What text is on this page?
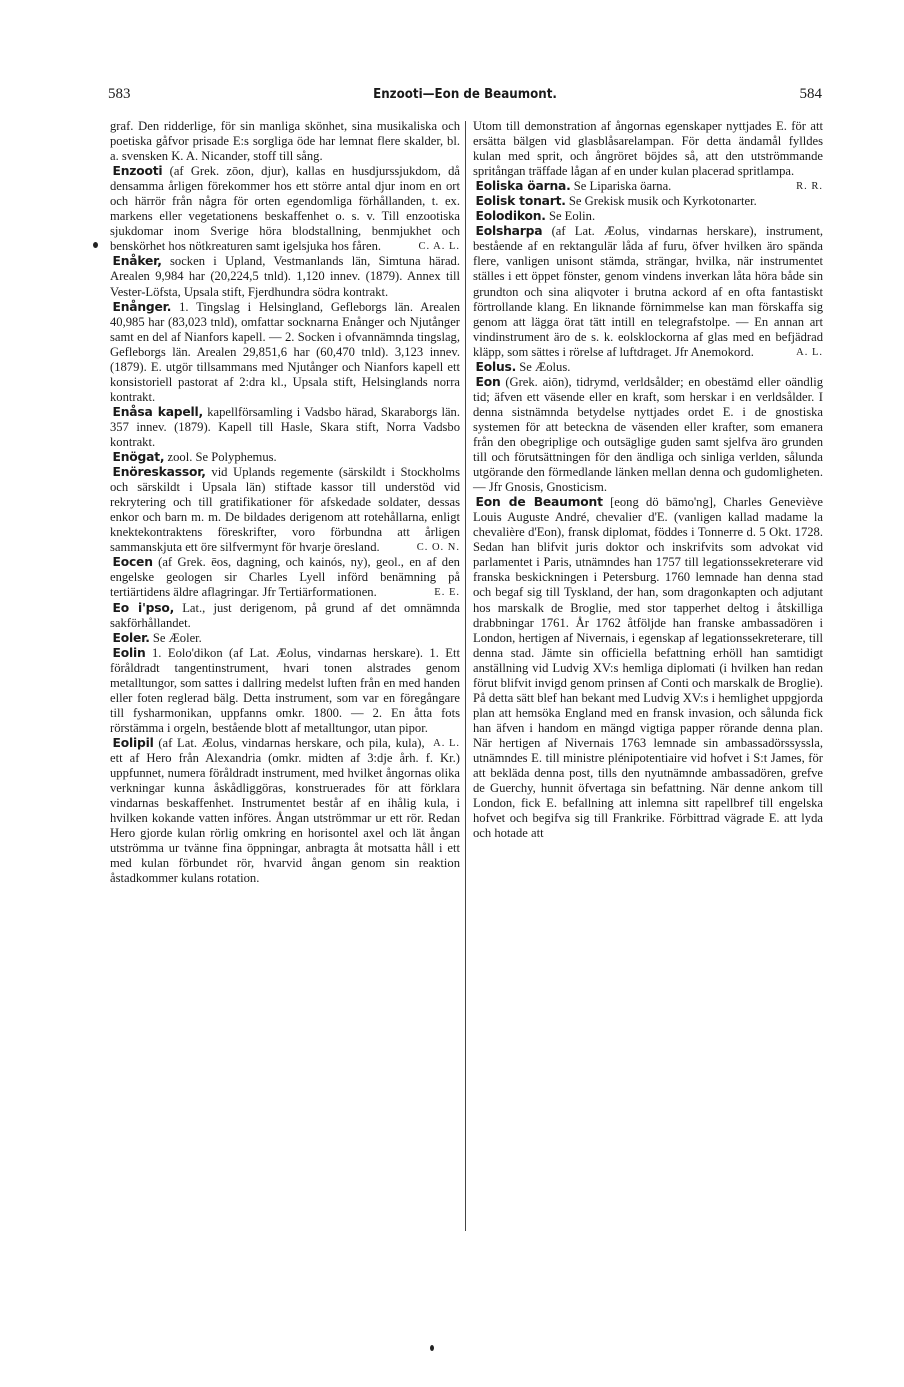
583	Enzooti—Eon de Beaumont.	584

graf. Den ridderlige, för sin manliga skönhet, sina musikaliska och poetiska gåfvor prisade E:s sorgliga öde har lemnat flere skalder, bl. a. svensken K. A. Nicander, stoff till sång.

Enzooti (af Grek. zōon, djur), kallas en husdjurssjukdom, då densamma årligen förekommer hos ett större antal djur inom en ort och härrör från några för orten egendomliga förhållanden, t. ex. markens eller vegetationens beskaffenhet o. s. v. Till enzootiska sjukdomar inom Sverige höra blodstallning, benmjukhet och benskörhet hos nötkreaturen samt igelsjuka hos fåren.	C. A. L.

Enåker, socken i Upland, Vestmanlands län, Simtuna härad. Arealen 9,984 har (20,224,5 tnld). 1,120 innev. (1879). Annex till Vester-Löfsta, Upsala stift, Fjerdhundra södra kontrakt.

Enånger. 1. Tingslag i Helsingland, Gefleborgs län. Arealen 40,985 har (83,023 tnld), omfattar socknarna Enånger och Njutånger samt en del af Nianfors kapell. — 2. Socken i ofvannämnda tingslag, Gefleborgs län. Arealen 29,851,6 har (60,470 tnld). 3,123 innev. (1879). E. utgör tillsammans med Njutånger och Nianfors kapell ett konsistoriell pastorat af 2:dra kl., Upsala stift, Helsinglands norra kontrakt.

Enåsa kapell, kapellförsamling i Vadsbo härad, Skaraborgs län. 357 innev. (1879). Kapell till Hasle, Skara stift, Norra Vadsbo kontrakt.

Enögat, zool. Se Polyphemus.

Enöreskassor, vid Uplands regemente (särskildt i Stockholms och särskildt i Upsala län) stiftade kassor till understöd vid rekrytering och till gratifikationer för afskedade soldater, dessas enkor och barn m. m. De bildades derigenom att rotehållarna, enligt knektekontraktens föreskrifter, voro förbundna att årligen sammanskjuta ett öre silfvermynt för hvarje öresland.	C. O. N.

Eocen (af Grek. ēos, dagning, och kainós, ny), geol., en af den engelske geologen sir Charles Lyell införd benämning på tertiärtidens äldre aflagringar. Jfr Tertiärformationen.	E. E.

Eo i'pso, Lat., just derigenom, på grund af det omnämnda sakförhållandet.

Eoler. Se Æoler.

Eolin 1. Eolo'dikon (af Lat. Æolus, vindarnas herskare). 1. Ett föråldradt tangentinstrument, hvari tonen alstrades genom metalltungor, som sattes i dallring medelst luften från en med handen eller foten reglerad bälg. Detta instrument, som var en föregångare till fysharmonikan, uppfanns omkr. 1800. — 2. En åtta fots rörstämma i orgeln, bestående blott af metalltungor, utan pipor.
A. L.

Eolipil (af Lat. Æolus, vindarnas herskare, och pila, kula), ett af Hero från Alexandria (omkr. midten af 3:dje årh. f. Kr.) uppfunnet, numera föråldradt instrument, med hvilket ångornas olika verkningar kunna åskådliggöras, konstruerades för att förklara vindarnas beskaffenhet. Instrumentet består af en ihålig kula, i hvilken kokande vatten införes. Ångan utströmmar ur ett rör. Redan Hero gjorde kulan rörlig omkring en horisontel axel och lät ångan utströmma ur tvänne fina öppningar, anbragta åt motsatta håll i ett med kulan förbundet rör, hvarvid ångan genom sin reaktion åstadkommer kulans rotation.

Utom till demonstration af ångornas egenskaper nyttjades E. för att ersätta bälgen vid glasblåsarelampan. För detta ändamål fylldes kulan med sprit, och ångröret böjdes så, att den utströmmande spritångan träffade lågan af en under kulan placerad spritlampa.
R. R.

Eoliska öarna. Se Lipariska öarna.

Eolisk tonart. Se Grekisk musik och Kyrkotonarter.

Eolodikon. Se Eolin.

Eolsharpa (af Lat. Æolus, vindarnas herskare), instrument, bestående af en rektangulär låda af furu, öfver hvilken äro spända flere, vanligen unisont stämda, strängar, hvilka, när instrumentet ställes i ett öppet fönster, genom vindens inverkan låta höra både sin grundton och sina aliqvoter i brutna ackord af en ofta fantastiskt förtrollande klang. En liknande förnimmelse kan man förskaffa sig genom att lägga örat tätt intill en telegrafstolpe. — En annan art vindinstrument äro de s. k. eolsklockorna af glas med en befjädrad kläpp, som sättes i rörelse af luftdraget. Jfr Anemokord.	A. L.

Eolus. Se Æolus.

Eon (Grek. aiōn), tidrymd, verldsålder; en obestämd eller oändlig tid; äfven ett väsende eller en kraft, som herskar i en verldsålder. I denna sistnämnda betydelse nyttjades ordet E. i de gnostiska systemen för att beteckna de väsenden eller krafter, som emanera från den obegriplige och outsäglige guden samt sjelfva äro grunden till och förutsättningen för den ändliga och sinliga verlden, sålunda utgörande den förmedlande länken mellan denna och gudomligheten. — Jfr Gnosis, Gnosticism.

Eon de Beaumont [eong dö bämo'ng], Charles Geneviève Louis Auguste André, chevalier d'E. (vanligen kallad madame la chevalière d'Eon), fransk diplomat, föddes i Tonnerre d. 5 Okt. 1728. Sedan han blifvit juris doktor och inskrifvits som advokat vid parlamentet i Paris, utnämndes han 1757 till legationssekreterare vid franska beskickningen i Petersburg. 1760 lemnade han denna stad och begaf sig till Tyskland, der han, som dragonkapten och adjutant hos marskalk de Broglie, med stor tapperhet deltog i åtskilliga drabbningar 1761. År 1762 åtföljde han franske ambassadören i London, hertigen af Nivernais, i egenskap af legationssekreterare, till denna stad. Jämte sin officiella befattning erhöll han samtidigt anställning vid Ludvig XV:s hemliga diplomati (i hvilken han redan förut blifvit invigd genom prinsen af Conti och marskalk de Broglie). På detta sätt blef han bekant med Ludvig XV:s i hemlighet uppgjorda plan att hemsöka England med en fransk invasion, och sålunda fick han äfven i handom en mängd vigtiga papper rörande denna plan. När hertigen af Nivernais 1763 lemnade sin ambassadörssyssla, utnämndes E. till ministre plénipotentiaire vid hofvet i S:t James, för att bekläda denna post, tills den nyutnämnde ambassadören, grefve de Guerchy, hunnit öfvertaga sin befattning. När denne ankom till London, fick E. befallning att inlemna sitt rapellbref till engelska hofvet och begifva sig till Frankrike. Förbittrad vägrade E. att lyda och hotade att
